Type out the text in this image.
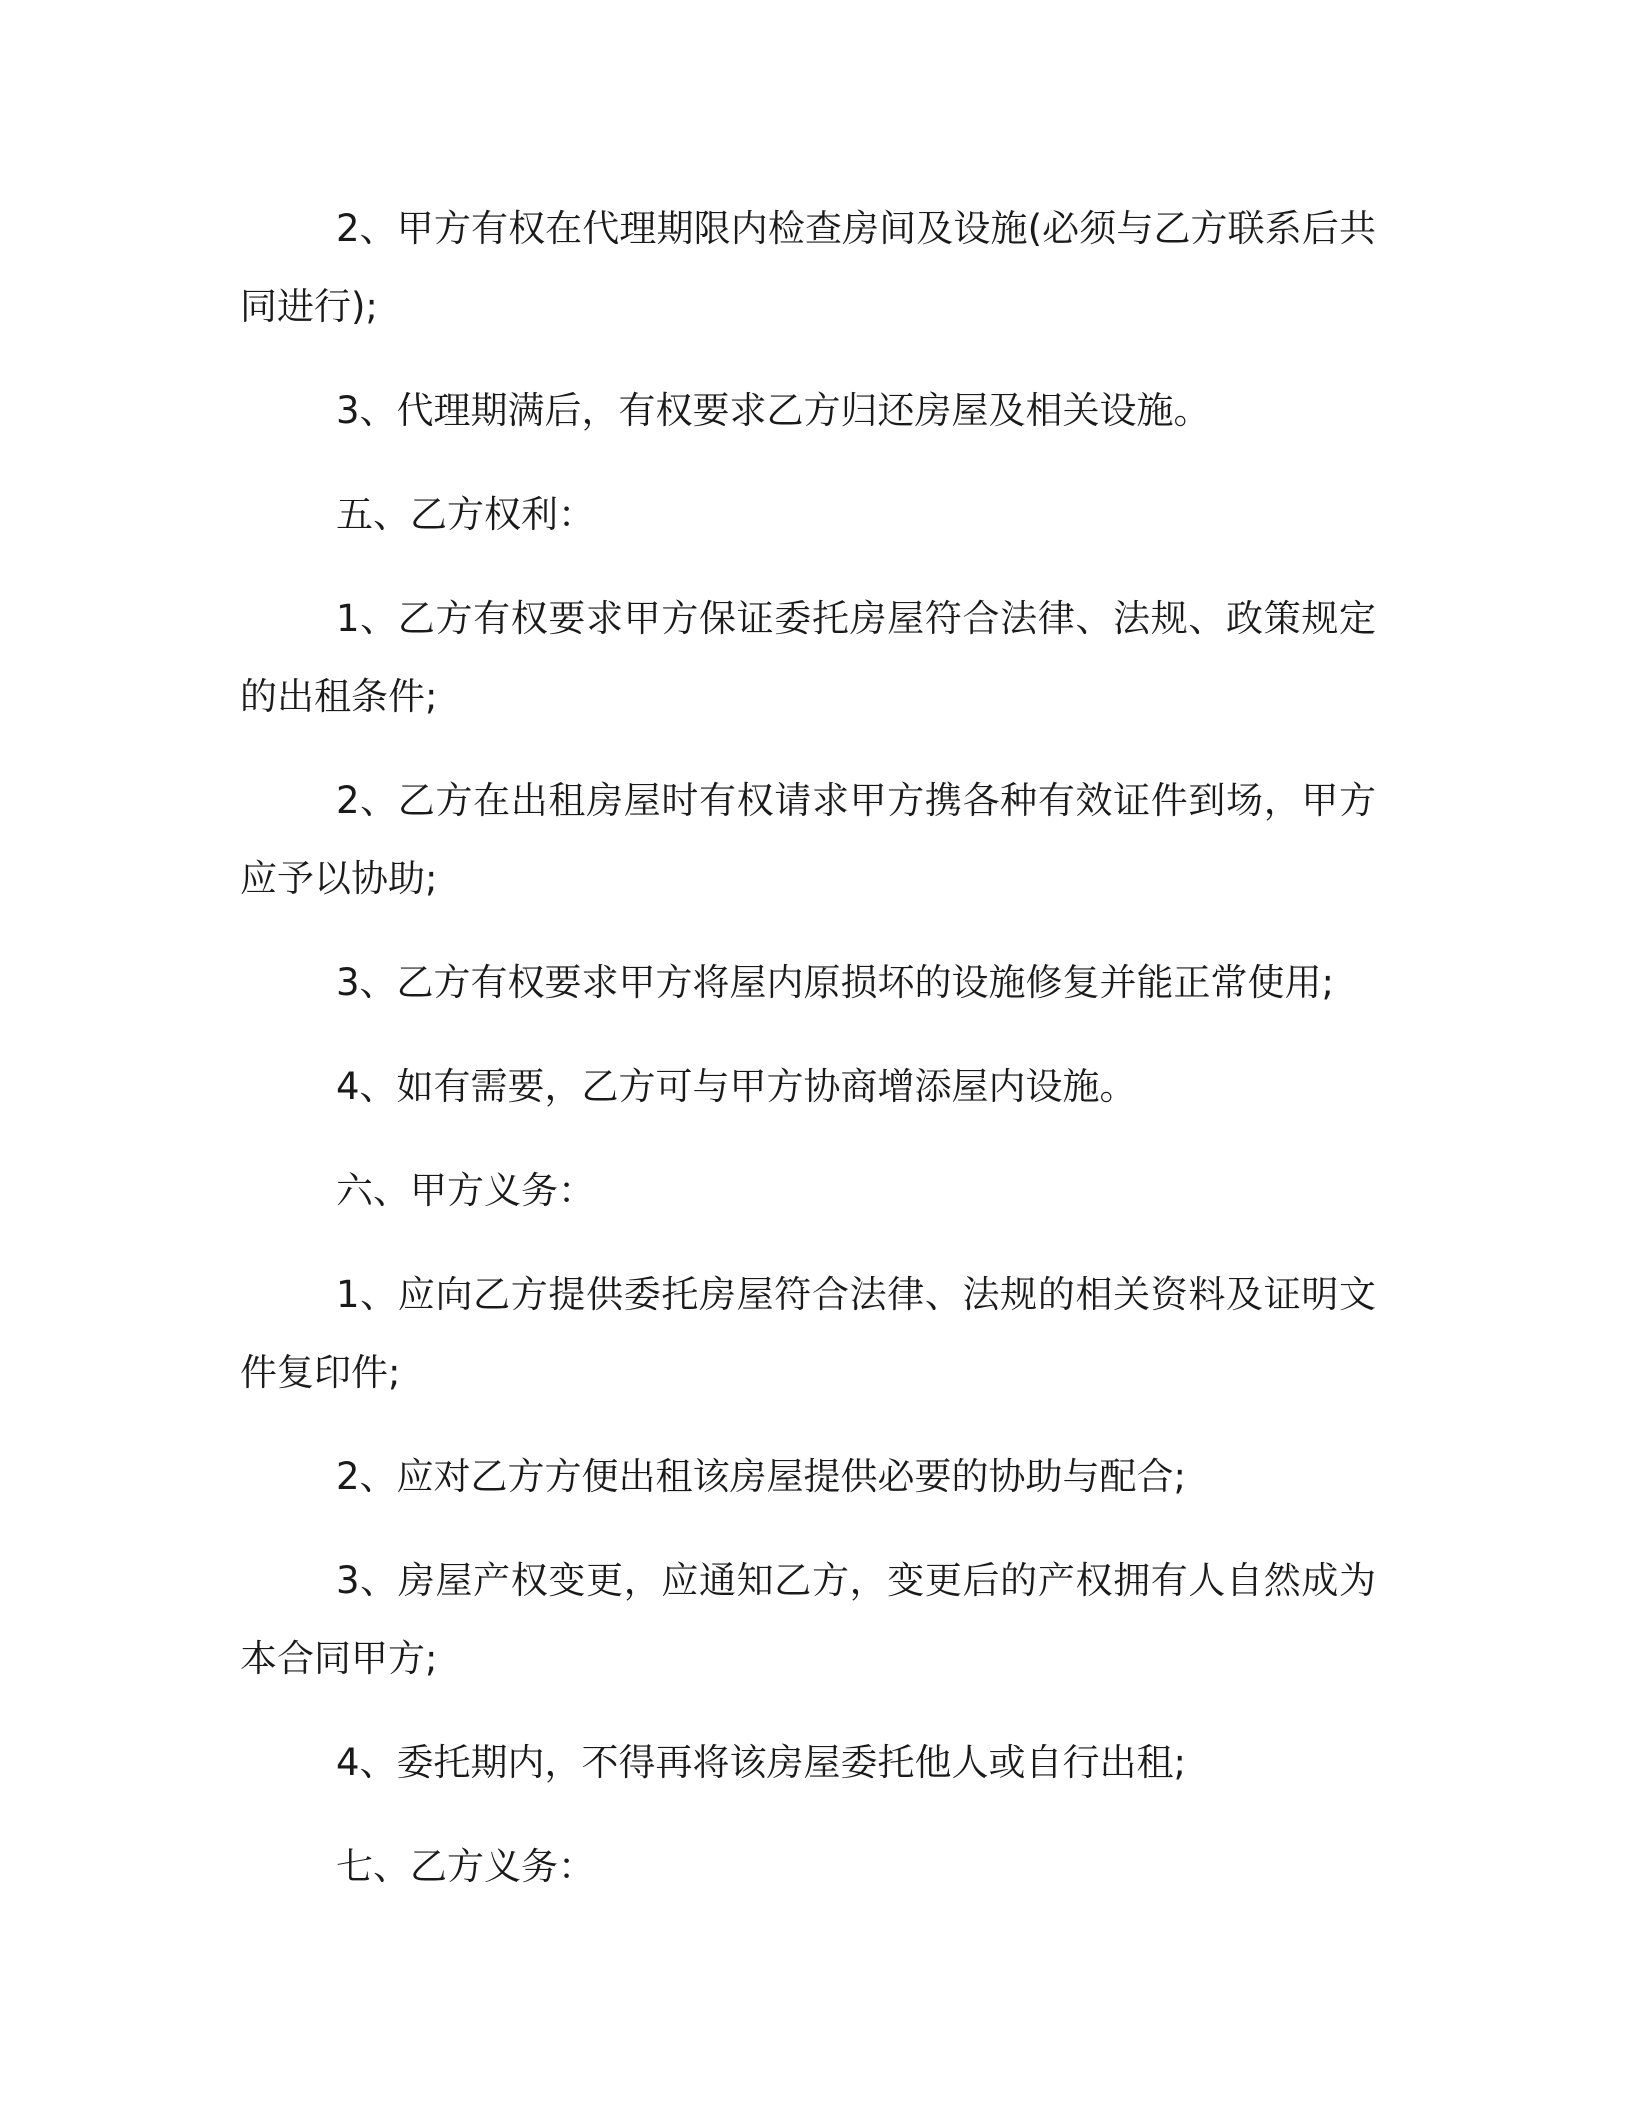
2、甲方有权在代理期限内检查房间及设施(必须与乙方联系后共同进行);

3、代理期满后，有权要求乙方归还房屋及相关设施。

五、乙方权利：

1、乙方有权要求甲方保证委托房屋符合法律、法规、政策规定的出租条件;

2、乙方在出租房屋时有权请求甲方携各种有效证件到场，甲方应予以协助;

3、乙方有权要求甲方将屋内原损坏的设施修复并能正常使用;

4、如有需要，乙方可与甲方协商增添屋内设施。

六、甲方义务：

1、应向乙方提供委托房屋符合法律、法规的相关资料及证明文件复印件;

2、应对乙方方便出租该房屋提供必要的协助与配合;

3、房屋产权变更，应通知乙方，变更后的产权拥有人自然成为本合同甲方;

4、委托期内，不得再将该房屋委托他人或自行出租;

七、乙方义务：
